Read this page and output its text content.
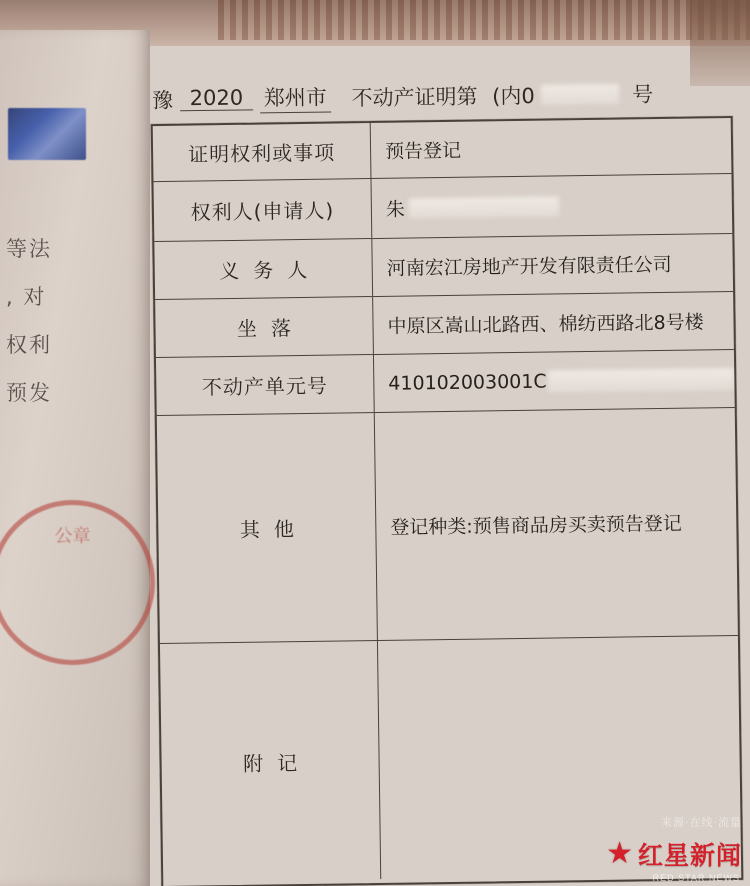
等法
, 对
权利
预发
公章
豫 2020 郑州市 不动产证明第 (内0	号
证明权利或事项	预告登记
权利人(申请人)	朱
义务人	河南宏江房地产开发有限责任公司
坐落	中原区嵩山北路西、棉纺西路北8号楼
不动产单元号	410102003001C
其他	登记种类:预售商品房买卖预告登记
附记
来源·在线·流量
★ 红星新闻
RED STAR NEWS
